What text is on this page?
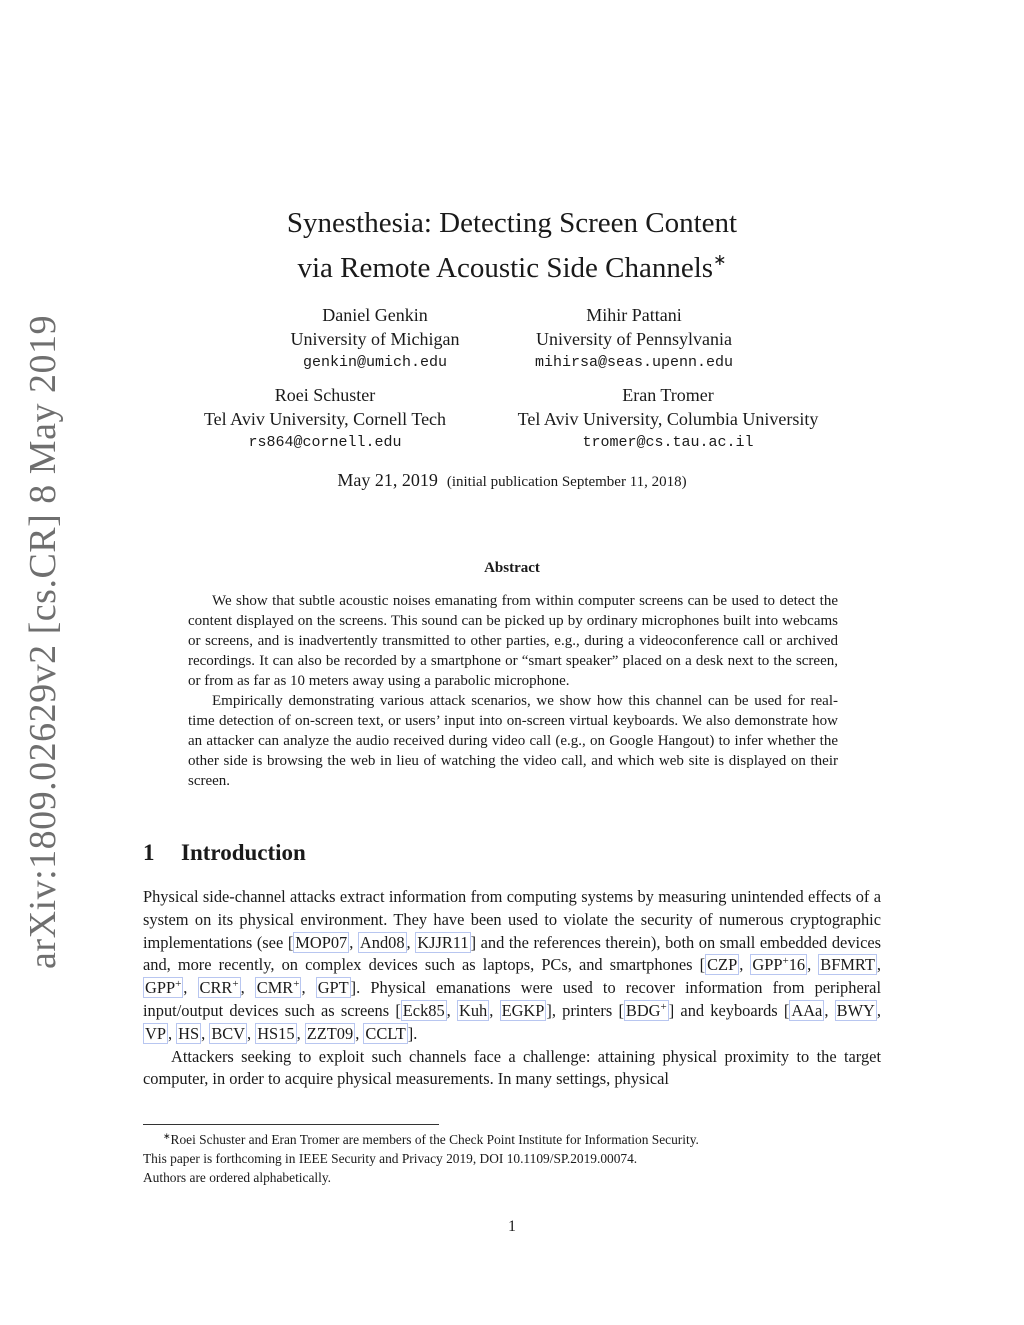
arXiv:1809.02629v2 [cs.CR] 8 May 2019
Synesthesia: Detecting Screen Content
via Remote Acoustic Side Channels∗
Daniel Genkin
University of Michigan
genkin@umich.edu
Mihir Pattani
University of Pennsylvania
mihirsa@seas.upenn.edu
Roei Schuster
Tel Aviv University, Cornell Tech
rs864@cornell.edu
Eran Tromer
Tel Aviv University, Columbia University
tromer@cs.tau.ac.il
May 21, 2019 (initial publication September 11, 2018)
Abstract

We show that subtle acoustic noises emanating from within computer screens can be used to detect the content displayed on the screens. This sound can be picked up by ordinary microphones built into webcams or screens, and is inadvertently transmitted to other parties, e.g., during a videoconference call or archived recordings. It can also be recorded by a smartphone or “smart speaker” placed on a desk next to the screen, or from as far as 10 meters away using a parabolic microphone.

Empirically demonstrating various attack scenarios, we show how this channel can be used for real-time detection of on-screen text, or users’ input into on-screen virtual keyboards. We also demonstrate how an attacker can analyze the audio received during video call (e.g., on Google Hangout) to infer whether the other side is browsing the web in lieu of watching the video call, and which web site is displayed on their screen.

1 Introduction

Physical side-channel attacks extract information from computing systems by measuring unintended effects of a system on its physical environment. They have been used to violate the security of numerous cryptographic implementations (see [ MOP07 , And08 , KJJR11 ] and the references therein), both on small embedded devices and, more recently, on complex devices such as laptops, PCs, and smartphones [ CZP , GPP+16 , BFMRT , GPP+ , CRR+ , CMR+ , GPT ]. Physical emanations were used to recover information from peripheral input/output devices such as screens [ Eck85 , Kuh , EGKP ], printers [ BDG+ ] and keyboards [ AAa , BWY , VP , HS , BCV , HS15 , ZZT09 , CCLT ].

Attackers seeking to exploit such channels face a challenge: attaining physical proximity to the target computer, in order to acquire physical measurements. In many settings, physical

∗Roei Schuster and Eran Tromer are members of the Check Point Institute for Information Security.
This paper is forthcoming in IEEE Security and Privacy 2019, DOI 10.1109/SP.2019.00074.
Authors are ordered alphabetically.
1
